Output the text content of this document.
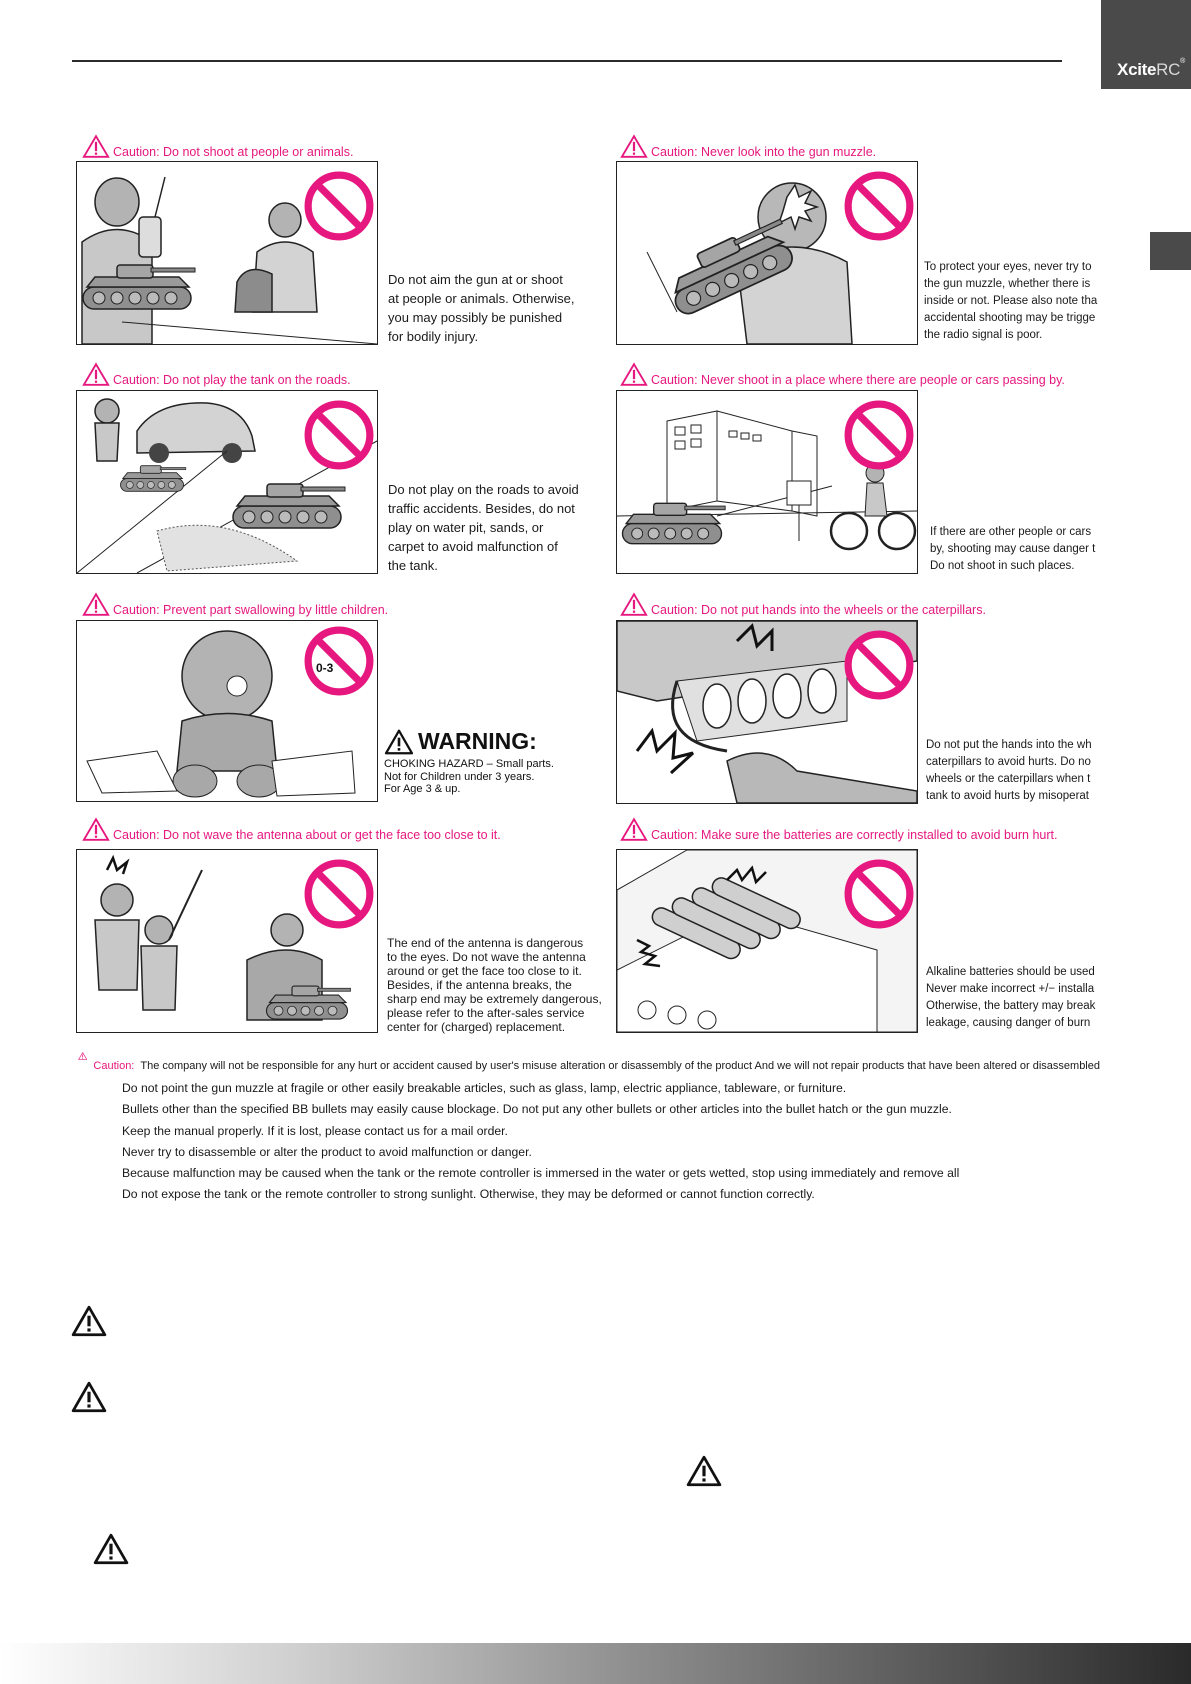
XciteRC®
Caution: Do not shoot at people or animals.
Do not aim the gun at or shoot
at people or animals. Otherwise,
you may possibly be punished
for bodily injury.
Caution: Never look into the gun muzzle.
To protect your eyes, never try to
the gun muzzle, whether there is
inside or not. Please also note tha
accidental shooting may be trigge
the radio signal is poor.
Caution: Do not play the tank on the roads.
Do not play on the roads to avoid
traffic accidents. Besides, do not
play on water pit, sands, or
carpet to avoid malfunction of
the tank.
Caution: Never shoot in a place where there are people or cars passing by.
If there are other people or cars
by, shooting may cause danger t
Do not shoot in such places.
Caution: Prevent part swallowing by little children.
0-3
WARNING:
CHOKING HAZARD – Small parts.
Not for Children under 3 years.
For Age 3 & up.
Caution: Do not put hands into the wheels or the caterpillars.
Do not put the hands into the wh
caterpillars to avoid hurts. Do no
wheels or the caterpillars when t
tank to avoid hurts by misoperat
Caution: Do not wave the antenna about or get the face too close to it.
The end of the antenna is dangerous
to the eyes. Do not wave the antenna
around or get the face too close to it.
Besides, if the antenna breaks, the
sharp end may be extremely dangerous,
please refer to the after-sales service
center for (charged) replacement.
Caution: Make sure the batteries are correctly installed to avoid burn hurt.
Alkaline batteries should be used
Never make incorrect +/− installa
Otherwise, the battery may break
leakage, causing danger of burn
Caution: The company will not be responsible for any hurt or accident caused by user's misuse alteration or disassembly of the product And we will not repair products that have been altered or disassembled
Do not point the gun muzzle at fragile or other easily breakable articles, such as glass, lamp, electric appliance, tableware, or furniture.
Bullets other than the specified BB bullets may easily cause blockage. Do not put any other bullets or other articles into the bullet hatch or the gun muzzle.
Keep the manual properly. If it is lost, please contact us for a mail order.
Never try to disassemble or alter the product to avoid malfunction or danger.
Because malfunction may be caused when the tank or the remote controller is immersed in the water or gets wetted, stop using immediately and remove all
Do not expose the tank or the remote controller to strong sunlight. Otherwise, they may be deformed or cannot function correctly.
